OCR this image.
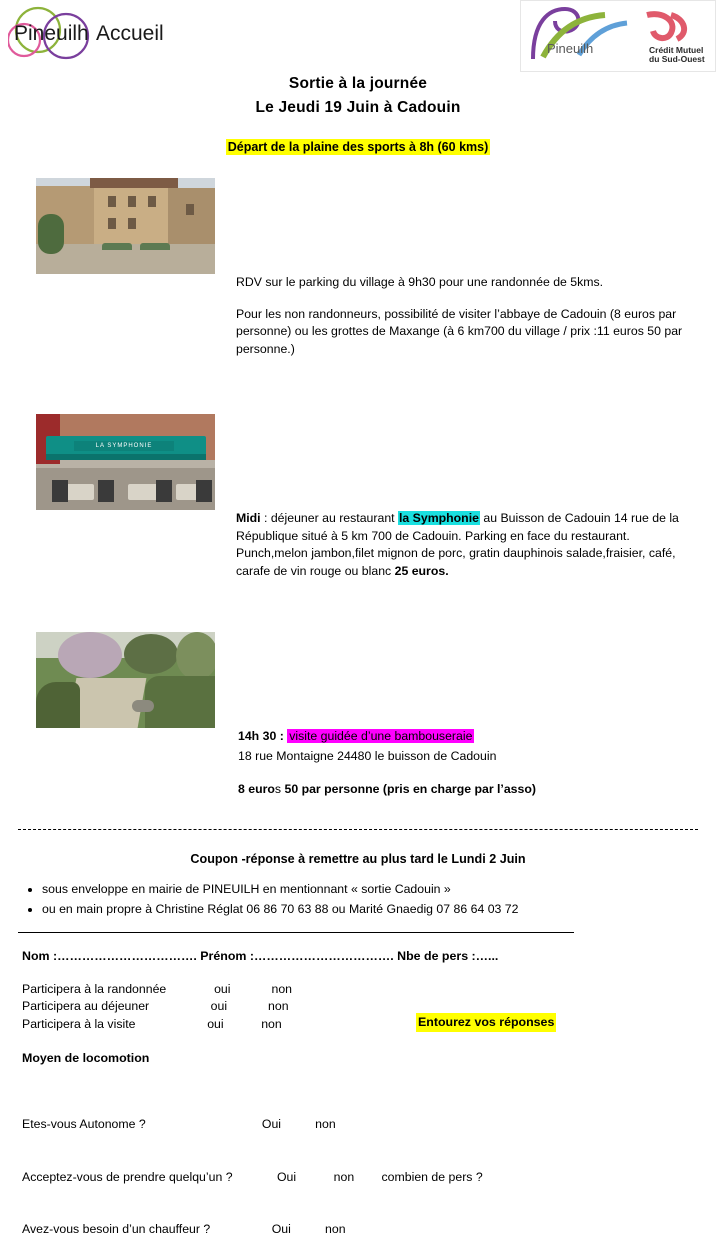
Pineuilh Accueil
Pineuilh	Crédit Mutuel
du Sud-Ouest
Sortie à la journée
Le Jeudi 19 Juin à Cadouin
Départ de la plaine des sports à 8h (60 kms)

RDV sur le parking du village à 9h30 pour une randonnée de 5kms.

Pour les non randonneurs, possibilité de visiter l’abbaye de Cadouin (8 euros par personne) ou les grottes de Maxange (à 6 km700 du village / prix :11 euros 50 par personne.)

LA SYMPHONIE

Midi : déjeuner au restaurant la Symphonie au Buisson de Cadouin 14 rue de la République situé à 5 km 700 de Cadouin. Parking en face du restaurant.

Punch,melon jambon,filet mignon de porc, gratin dauphinois salade,fraisier, café, carafe de vin rouge ou blanc 25 euros.

14h 30 : visite guidée d’une bambouseraie

18 rue Montaigne 24480 le buisson de Cadouin

8 euros 50 par personne (pris en charge par l’asso)

Coupon -réponse à remettre au plus tard le Lundi 2 Juin
• sous enveloppe en mairie de PINEUILH en mentionnant « sortie Cadouin »
• ou en main propre à Christine Réglat 06 86 70 63 88 ou Marité Gnaedig 07 86 64 03 72
Nom :……………………………. Prénom :……………………………. Nbe de pers :…...
Participera à la randonnée              oui            non
Participera au déjeuner                  oui            non
Participera à la visite                     oui           non	Entourez vos réponses
Moyen de locomotion

Etes-vous Autonome ?                                  Oui          non

Acceptez-vous de prendre quelqu’un ?             Oui           non        combien de pers ?

Avez-vous besoin d’un chauffeur ?                  Oui          non
